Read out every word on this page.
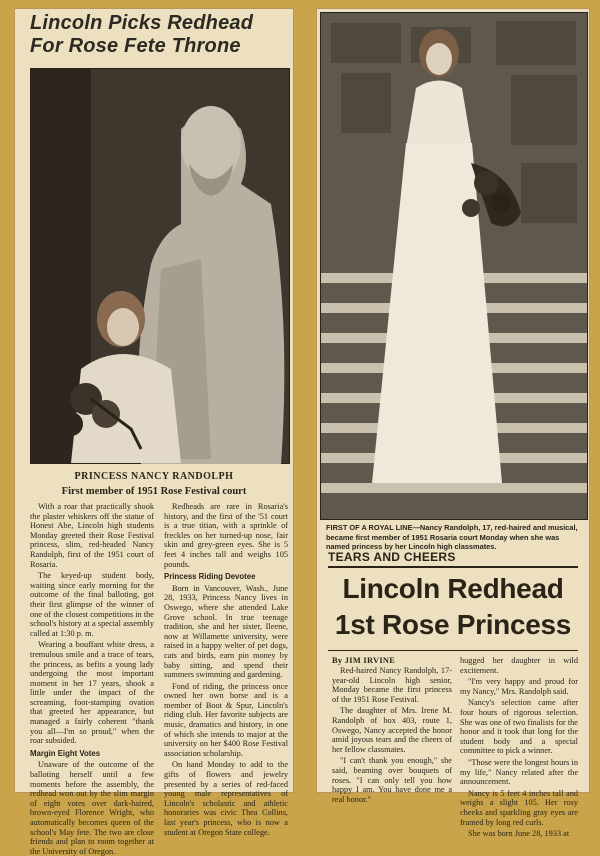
Lincoln Picks Redhead
For Rose Fete Throne
PRINCESS NANCY RANDOLPH
First member of 1951 Rose Festival court

With a roar that practically shook the plaster whiskers off the statue of Honest Abe, Lincoln high students Monday greeted their Rose Festival princess, slim, red-headed Nancy Randolph, first of the 1951 court of Rosaria.

The keyed-up student body, waiting since early morning for the outcome of the final balloting, got their first glimpse of the winner of one of the closest competitions in the school's history at a special assembly called at 1:30 p. m.

Wearing a bouffant white dress, a tremulous smile and a trace of tears, the princess, as befits a young lady undergoing the most important moment in her 17 years, shook a little under the impact of the screaming, foot-stamping ovation that greeted her appearance, but managed a fairly coherent "thank you all—I'm so proud," when the roar subsided.

Margin Eight Votes

Unaware of the outcome of the balloting herself until a few moments before the assembly, the redhead won out by the slim margin of eight votes over dark-haired, brown-eyed Florence Wright, who automatically becomes queen of the school's May fete. The two are close friends and plan to room together at the University of Oregon.

Redheads are rare in Rosaria's history, and the first of the '51 court is a true titian, with a sprinkle of freckles on her turned-up nose, fair skin and grey-green eyes. She is 5 feet 4 inches tall and weighs 105 pounds.

Princess Riding Devotee

Born in Vancouver, Wash., June 28, 1933, Princess Nancy lives in Oswego, where she attended Lake Grove school. In true teenage tradition, she and her sister, Ileene, now at Willamette university, were raised in a happy welter of pet dogs, cats and birds, earn pin money by baby sitting, and spend their summers swimming and gardening.

Fond of riding, the princess once owned her own horse and is a member of Boot & Spur, Lincoln's riding club. Her favorite subjects are music, dramatics and history, in one of which she intends to major at the university on her $400 Rose Festival association scholarship.

On hand Monday to add to the gifts of flowers and jewelry presented by a series of red-faced young male representatives of Lincoln's scholastic and athletic honoraries was civic Thea Collins, last year's princess, who is now a student at Oregon State college.

FIRST OF A ROYAL LINE—Nancy Randolph, 17, red-haired and musical, became first member of 1951 Rosaria court Monday when she was named princess by her Lincoln high classmates.
TEARS AND CHEERS
Lincoln Redhead
1st Rose Princess
By JIM IRVINE

Red-haired Nancy Randolph, 17-year-old Lincoln high senior, Monday became the first princess of the 1951 Rose Festival.

The daughter of Mrs. Irene M. Randolph of box 403, route 1, Oswego, Nancy accepted the honor amid joyous tears and the cheers of her fellow classmates.

"I can't thank you enough," she said, beaming over bouquets of roses. "I can only tell you how happy I am. You have done me a real honor."

hugged her daughter in wild excitement.

"I'm very happy and proud for my Nancy," Mrs. Randolph said.

Nancy's selection came after four hours of rigorous selection. She was one of two finalists for the honor and it took that long for the student body and a special committee to pick a winner.

"Those were the longest hours in my life," Nancy related after the announcement.

Nancy is 5 feet 4 inches tall and weighs a slight 105. Her rosy cheeks and sparkling gray eyes are framed by long red curls.

She was born June 28, 1933 at
